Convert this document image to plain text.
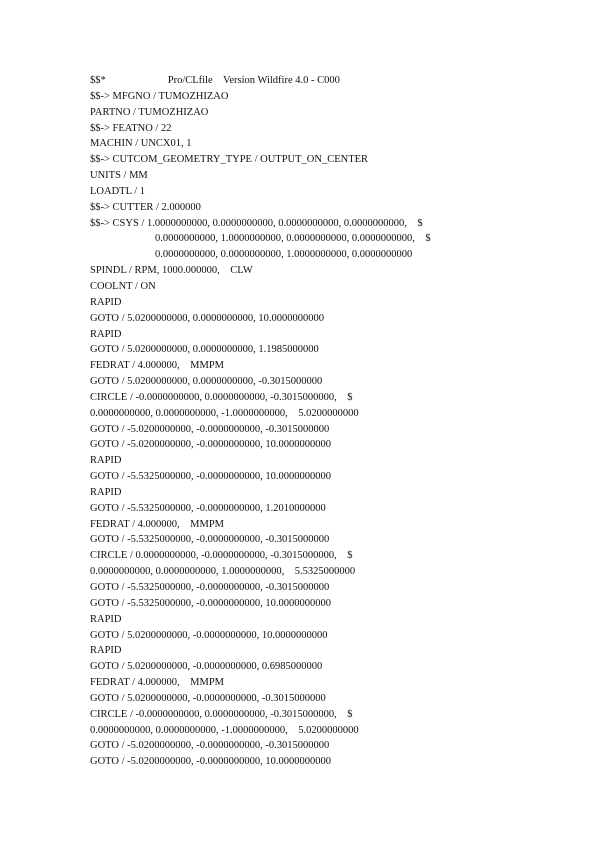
$$*	Pro/CLfile    Version Wildfire 4.0 - C000
$$-> MFGNO / TUMOZHIZAO
PARTNO / TUMOZHIZAO
$$-> FEATNO / 22
MACHIN / UNCX01, 1
$$-> CUTCOM_GEOMETRY_TYPE / OUTPUT_ON_CENTER
UNITS / MM
LOADTL / 1
$$-> CUTTER / 2.000000
$$-> CSYS / 1.0000000000, 0.0000000000, 0.0000000000, 0.0000000000,    $
0.0000000000, 1.0000000000, 0.0000000000, 0.0000000000,    $
0.0000000000, 0.0000000000, 1.0000000000, 0.0000000000
SPINDL / RPM, 1000.000000,    CLW
COOLNT / ON
RAPID
GOTO / 5.0200000000, 0.0000000000, 10.0000000000
RAPID
GOTO / 5.0200000000, 0.0000000000, 1.1985000000
FEDRAT / 4.000000,    MMPM
GOTO / 5.0200000000, 0.0000000000, -0.3015000000
CIRCLE / -0.0000000000, 0.0000000000, -0.3015000000,    $
0.0000000000, 0.0000000000, -1.0000000000,    5.0200000000
GOTO / -5.0200000000, -0.0000000000, -0.3015000000
GOTO / -5.0200000000, -0.0000000000, 10.0000000000
RAPID
GOTO / -5.5325000000, -0.0000000000, 10.0000000000
RAPID
GOTO / -5.5325000000, -0.0000000000, 1.2010000000
FEDRAT / 4.000000,    MMPM
GOTO / -5.5325000000, -0.0000000000, -0.3015000000
CIRCLE / 0.0000000000, -0.0000000000, -0.3015000000,    $
0.0000000000, 0.0000000000, 1.0000000000,    5.5325000000
GOTO / -5.5325000000, -0.0000000000, -0.3015000000
GOTO / -5.5325000000, -0.0000000000, 10.0000000000
RAPID
GOTO / 5.0200000000, -0.0000000000, 10.0000000000
RAPID
GOTO / 5.0200000000, -0.0000000000, 0.6985000000
FEDRAT / 4.000000,    MMPM
GOTO / 5.0200000000, -0.0000000000, -0.3015000000
CIRCLE / -0.0000000000, 0.0000000000, -0.3015000000,    $
0.0000000000, 0.0000000000, -1.0000000000,    5.0200000000
GOTO / -5.0200000000, -0.0000000000, -0.3015000000
GOTO / -5.0200000000, -0.0000000000, 10.0000000000
